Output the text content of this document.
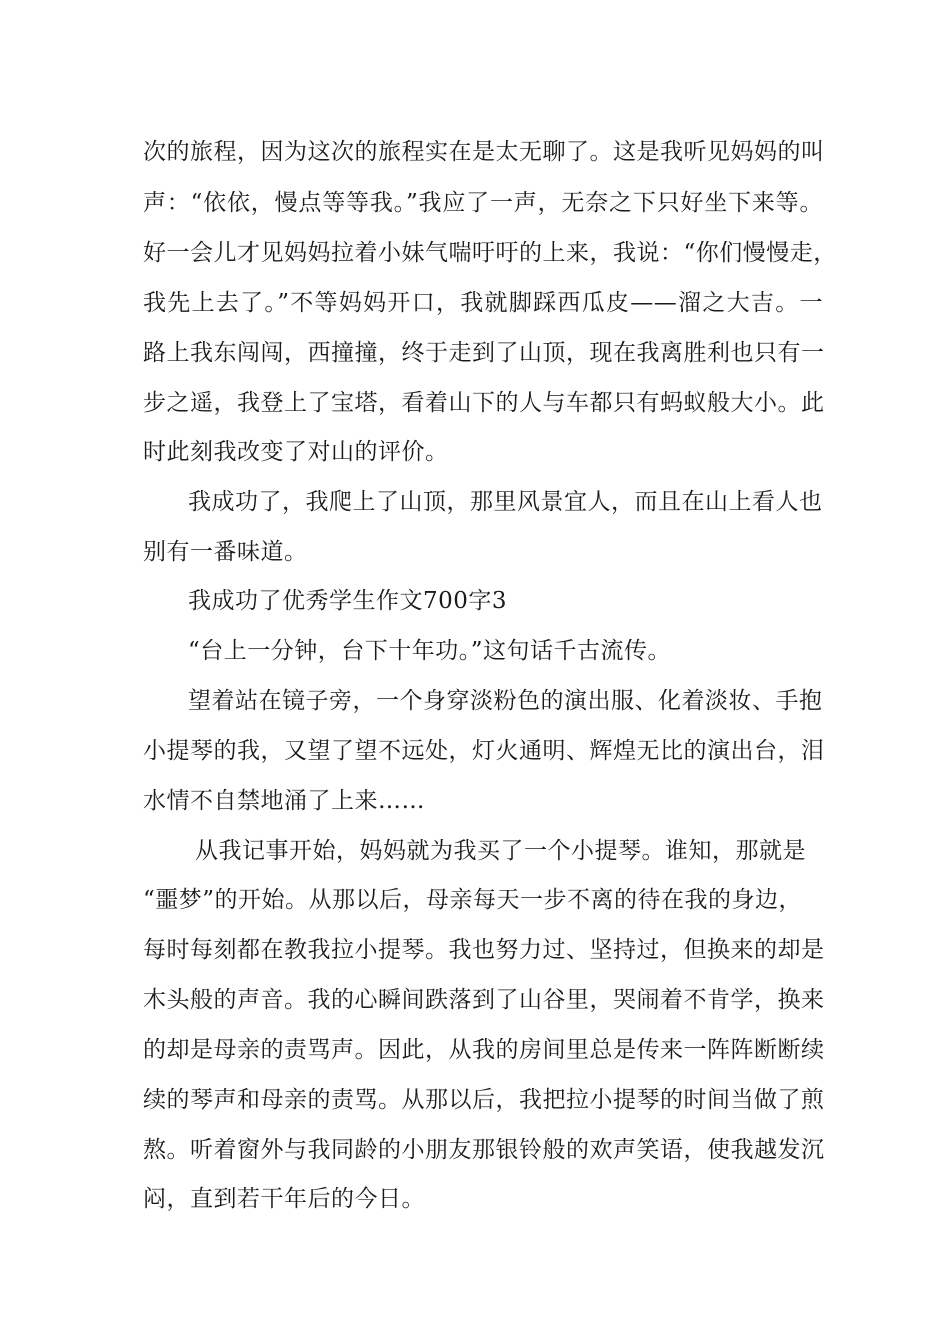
次的旅程，因为这次的旅程实在是太无聊了。这是我听见妈妈的叫
声：“依依，慢点等等我。”我应了一声，无奈之下只好坐下来等。
好一会儿才见妈妈拉着小妹气喘吁吁的上来，我说：“你们慢慢走，
我先上去了。”不等妈妈开口，我就脚踩西瓜皮——溜之大吉。一
路上我东闯闯，西撞撞，终于走到了山顶，现在我离胜利也只有一
步之遥，我登上了宝塔，看着山下的人与车都只有蚂蚁般大小。此
时此刻我改变了对山的评价。
我成功了，我爬上了山顶，那里风景宜人，而且在山上看人也
别有一番味道。
我成功了优秀学生作文700字3
“台上一分钟，台下十年功。”这句话千古流传。
望着站在镜子旁，一个身穿淡粉色的演出服、化着淡妆、手抱
小提琴的我，又望了望不远处，灯火通明、辉煌无比的演出台，泪
水情不自禁地涌了上来……
从我记事开始，妈妈就为我买了一个小提琴。谁知，那就是
“噩梦”的开始。从那以后，母亲每天一步不离的待在我的身边，
每时每刻都在教我拉小提琴。我也努力过、坚持过，但换来的却是
木头般的声音。我的心瞬间跌落到了山谷里，哭闹着不肯学，换来
的却是母亲的责骂声。因此，从我的房间里总是传来一阵阵断断续
续的琴声和母亲的责骂。从那以后，我把拉小提琴的时间当做了煎
熬。听着窗外与我同龄的小朋友那银铃般的欢声笑语，使我越发沉
闷，直到若干年后的今日。
